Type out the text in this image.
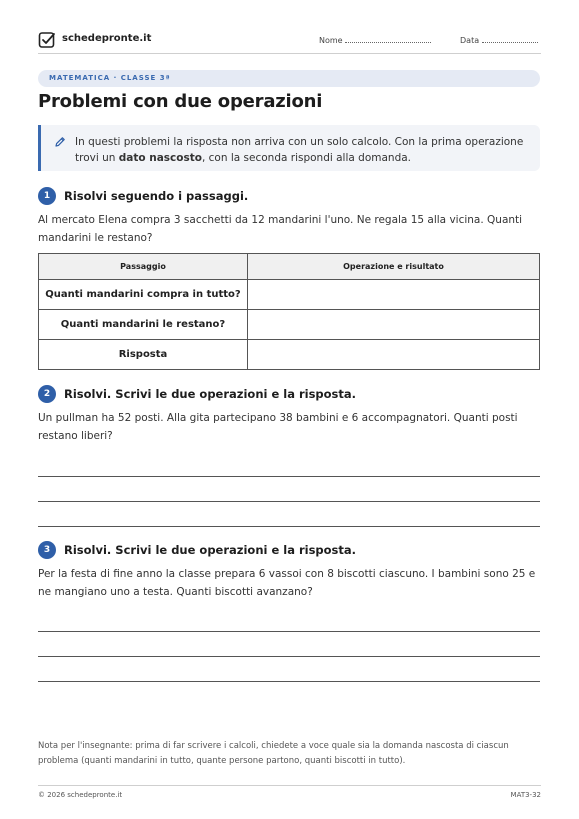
schedepronte.it	Nome	Data
MATEMATICA · CLASSE 3ª
Problemi con due operazioni
In questi problemi la risposta non arriva con un solo calcolo. Con la prima operazione trovi un dato nascosto, con la seconda rispondi alla domanda.
1	Risolvi seguendo i passaggi.
Al mercato Elena compra 3 sacchetti da 12 mandarini l'uno. Ne regala 15 alla vicina. Quanti mandarini le restano?
Passaggio	Operazione e risultato
Quanti mandarini compra in tutto?	
Quanti mandarini le restano?	
Risposta	
2	Risolvi. Scrivi le due operazioni e la risposta.
Un pullman ha 52 posti. Alla gita partecipano 38 bambini e 6 accompagnatori. Quanti posti restano liberi?
3	Risolvi. Scrivi le due operazioni e la risposta.
Per la festa di fine anno la classe prepara 6 vassoi con 8 biscotti ciascuno. I bambini sono 25 e ne mangiano uno a testa. Quanti biscotti avanzano?
Nota per l'insegnante: prima di far scrivere i calcoli, chiedete a voce quale sia la domanda nascosta di ciascun problema (quanti mandarini in tutto, quante persone partono, quanti biscotti in tutto).
© 2026 schedepronte.it	MAT3-32
